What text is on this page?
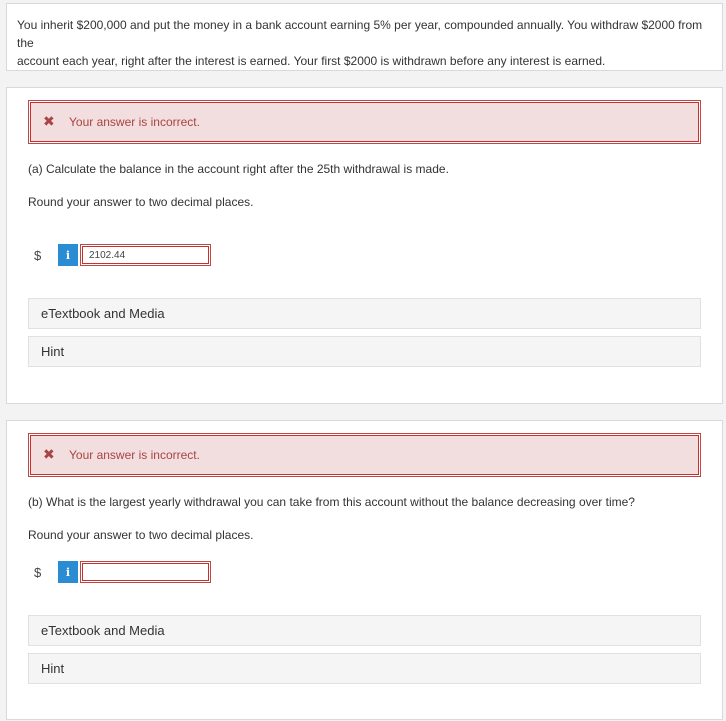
You inherit $200,000 and put the money in a bank account earning 5% per year, compounded annually. You withdraw $2000 from the
account each year, right after the interest is earned. Your first $2000 is withdrawn before any interest is earned.
✖	Your answer is incorrect.
(a) Calculate the balance in the account right after the 25th withdrawal is made.
Round your answer to two decimal places.
$	i
2102.44
eTextbook and Media
Hint
✖	Your answer is incorrect.
(b) What is the largest yearly withdrawal you can take from this account without the balance decreasing over time?
Round your answer to two decimal places.
$	i
eTextbook and Media
Hint
